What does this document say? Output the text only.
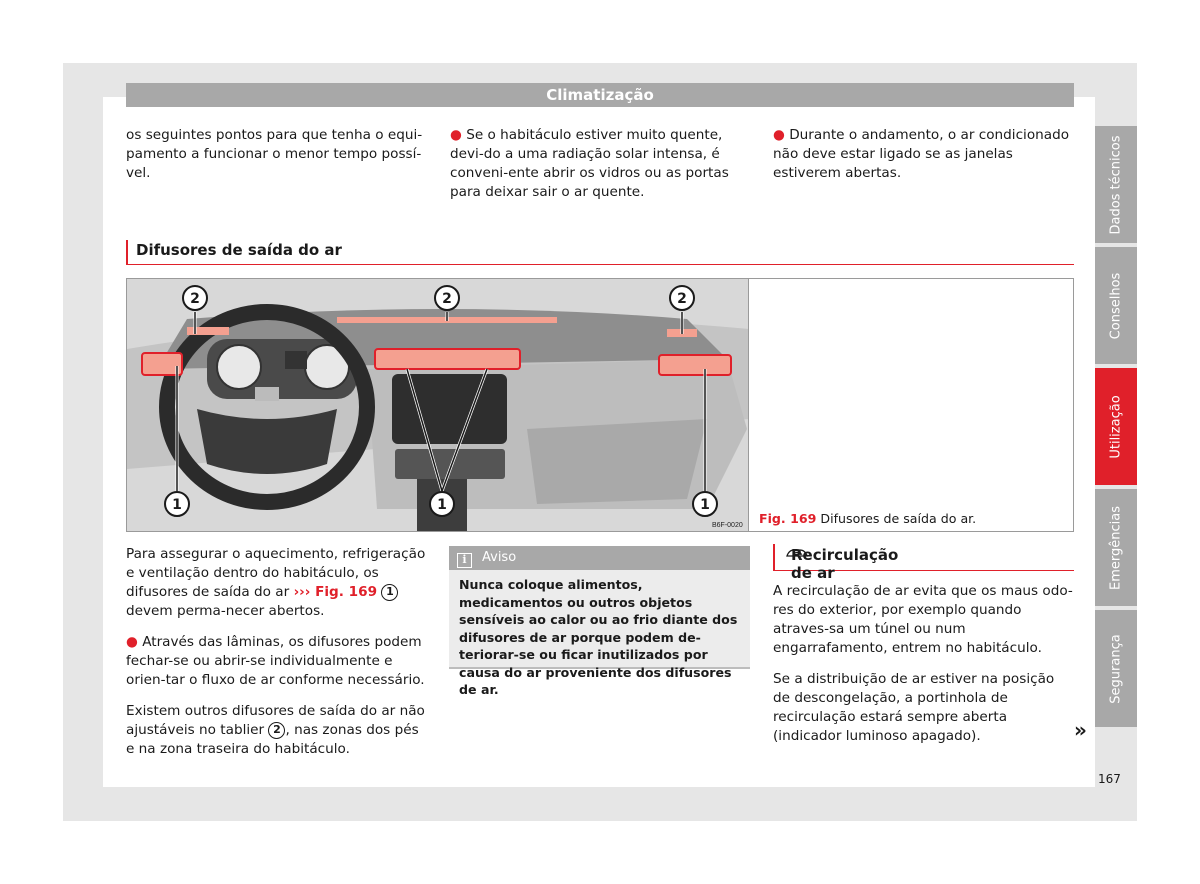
Climatização

os seguintes pontos para que tenha o equi-pamento a funcionar o menor tempo possí-vel.

● Se o habitáculo estiver muito quente, devi-do a uma radiação solar intensa, é conveni-ente abrir os vidros ou as portas para deixar sair o ar quente.

● Durante o andamento, o ar condicionado não deve estar ligado se as janelas estiverem abertas.

Difusores de saída do ar
2	2	2
1	1	1
B6F-0020 Fig. 169 Difusores de saída do ar.

Para assegurar o aquecimento, refrigeração e ventilação dentro do habitáculo, os difusores de saída do ar ››› Fig. 169 1 devem perma-necer abertos.

● Através das lâminas, os difusores podem fechar-se ou abrir-se individualmente e orien-tar o fluxo de ar conforme necessário.

Existem outros difusores de saída do ar não ajustáveis no tablier 2 , nas zonas dos pés e na zona traseira do habitáculo.

i Aviso
Nunca coloque alimentos, medicamentos ou outros objetos sensíveis ao calor ou ao frio diante dos difusores de ar porque podem de-teriorar-se ou ficar inutilizados por causa do ar proveniente dos difusores de ar.
Recirculação de ar

A recirculação de ar evita que os maus odo-res do exterior, por exemplo quando atraves-sa um túnel ou num engarrafamento, entrem no habitáculo.

Se a distribuição de ar estiver na posição de descongelação, a portinhola de recirculação estará sempre aberta (indicador luminoso apagado).

Dados técnicos
Conselhos
Utilização
Emergências
Segurança
»
167
